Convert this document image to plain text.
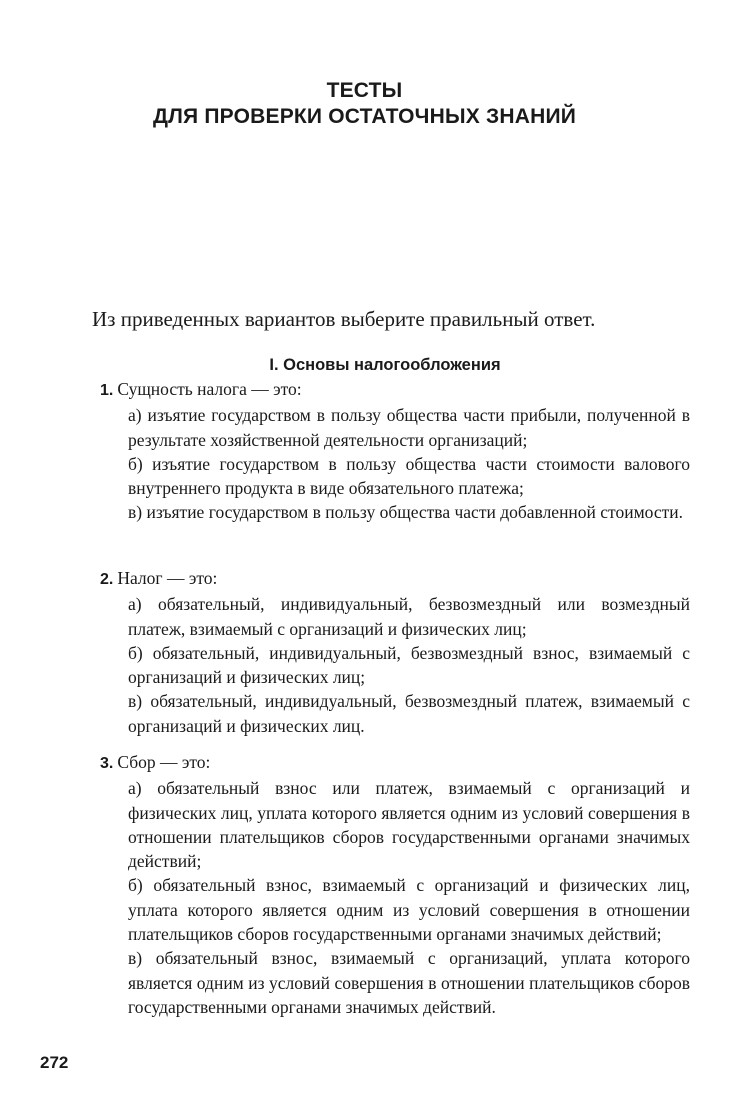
ТЕСТЫ
ДЛЯ ПРОВЕРКИ ОСТАТОЧНЫХ ЗНАНИЙ
Из приведенных вариантов выберите правильный ответ.
I. Основы налогообложения
1. Сущность налога — это:
а) изъятие государством в пользу общества части прибыли, полученной в результате хозяйственной деятельности организаций;
б) изъятие государством в пользу общества части стоимости валового внутреннего продукта в виде обязательного платежа;
в) изъятие государством в пользу общества части добавленной стоимости.
2. Налог — это:
а) обязательный, индивидуальный, безвозмездный или возмездный платеж, взимаемый с организаций и физических лиц;
б) обязательный, индивидуальный, безвозмездный взнос, взимаемый с организаций и физических лиц;
в) обязательный, индивидуальный, безвозмездный платеж, взимаемый с организаций и физических лиц.
3. Сбор — это:
а) обязательный взнос или платеж, взимаемый с организаций и физических лиц, уплата которого является одним из условий совершения в отношении плательщиков сборов государственными органами значимых действий;
б) обязательный взнос, взимаемый с организаций и физических лиц, уплата которого является одним из условий совершения в отношении плательщиков сборов государственными органами значимых действий;
в) обязательный взнос, взимаемый с организаций, уплата которого является одним из условий совершения в отношении плательщиков сборов государственными органами значимых действий.
272
